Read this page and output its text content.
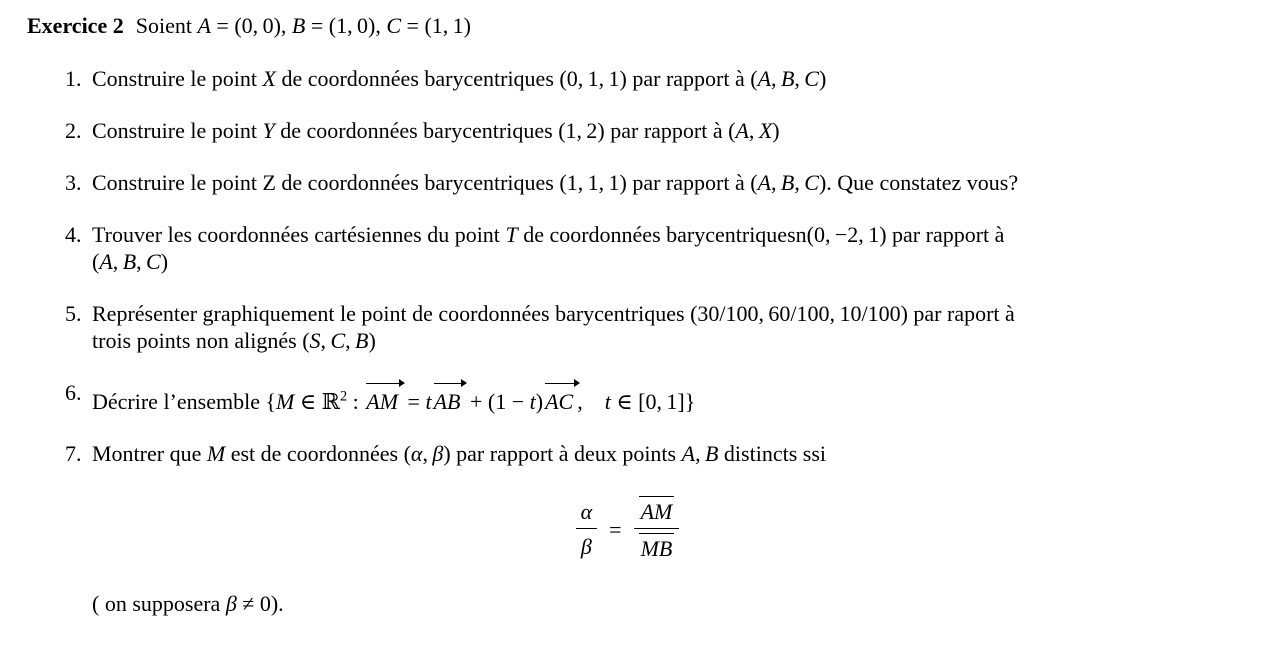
Exercice 2 Soient A = (0,  0), B = (1,  0), C = (1,  1)
1. Construire le point X de coordonnées barycentriques (0,  1,  1) par rapport à (A,  B,  C)
2. Construire le point Y de coordonnées barycentriques (1,  2) par rapport à (A,  X)
3. Construire le point Z de coordonnées barycentriques (1,  1,  1) par rapport à (A,  B,  C). Que constatez vous?
4. Trouver les coordonnées cartésiennes du point T de coordonnées barycentriquesn(0,  −2,  1) par rapport à
(A,  B,  C)
5. Représenter graphiquement le point de coordonnées barycentriques (30/100,  60/100,  10/100) par raport à
trois points non alignés (S,  C,  B)
6. Décrire l’ensemble {M ∈ ℝ$^2$ : AM = tAB + (1 − t)AC , t ∈ [0,  1]}
7. Montrer que M est de coordonnées (α,  β) par rapport à deux points A,  B distincts ssi
$\frac{\alpha}{\beta} = \frac{AM}{MB}$
( on supposera β ≠ 0).
